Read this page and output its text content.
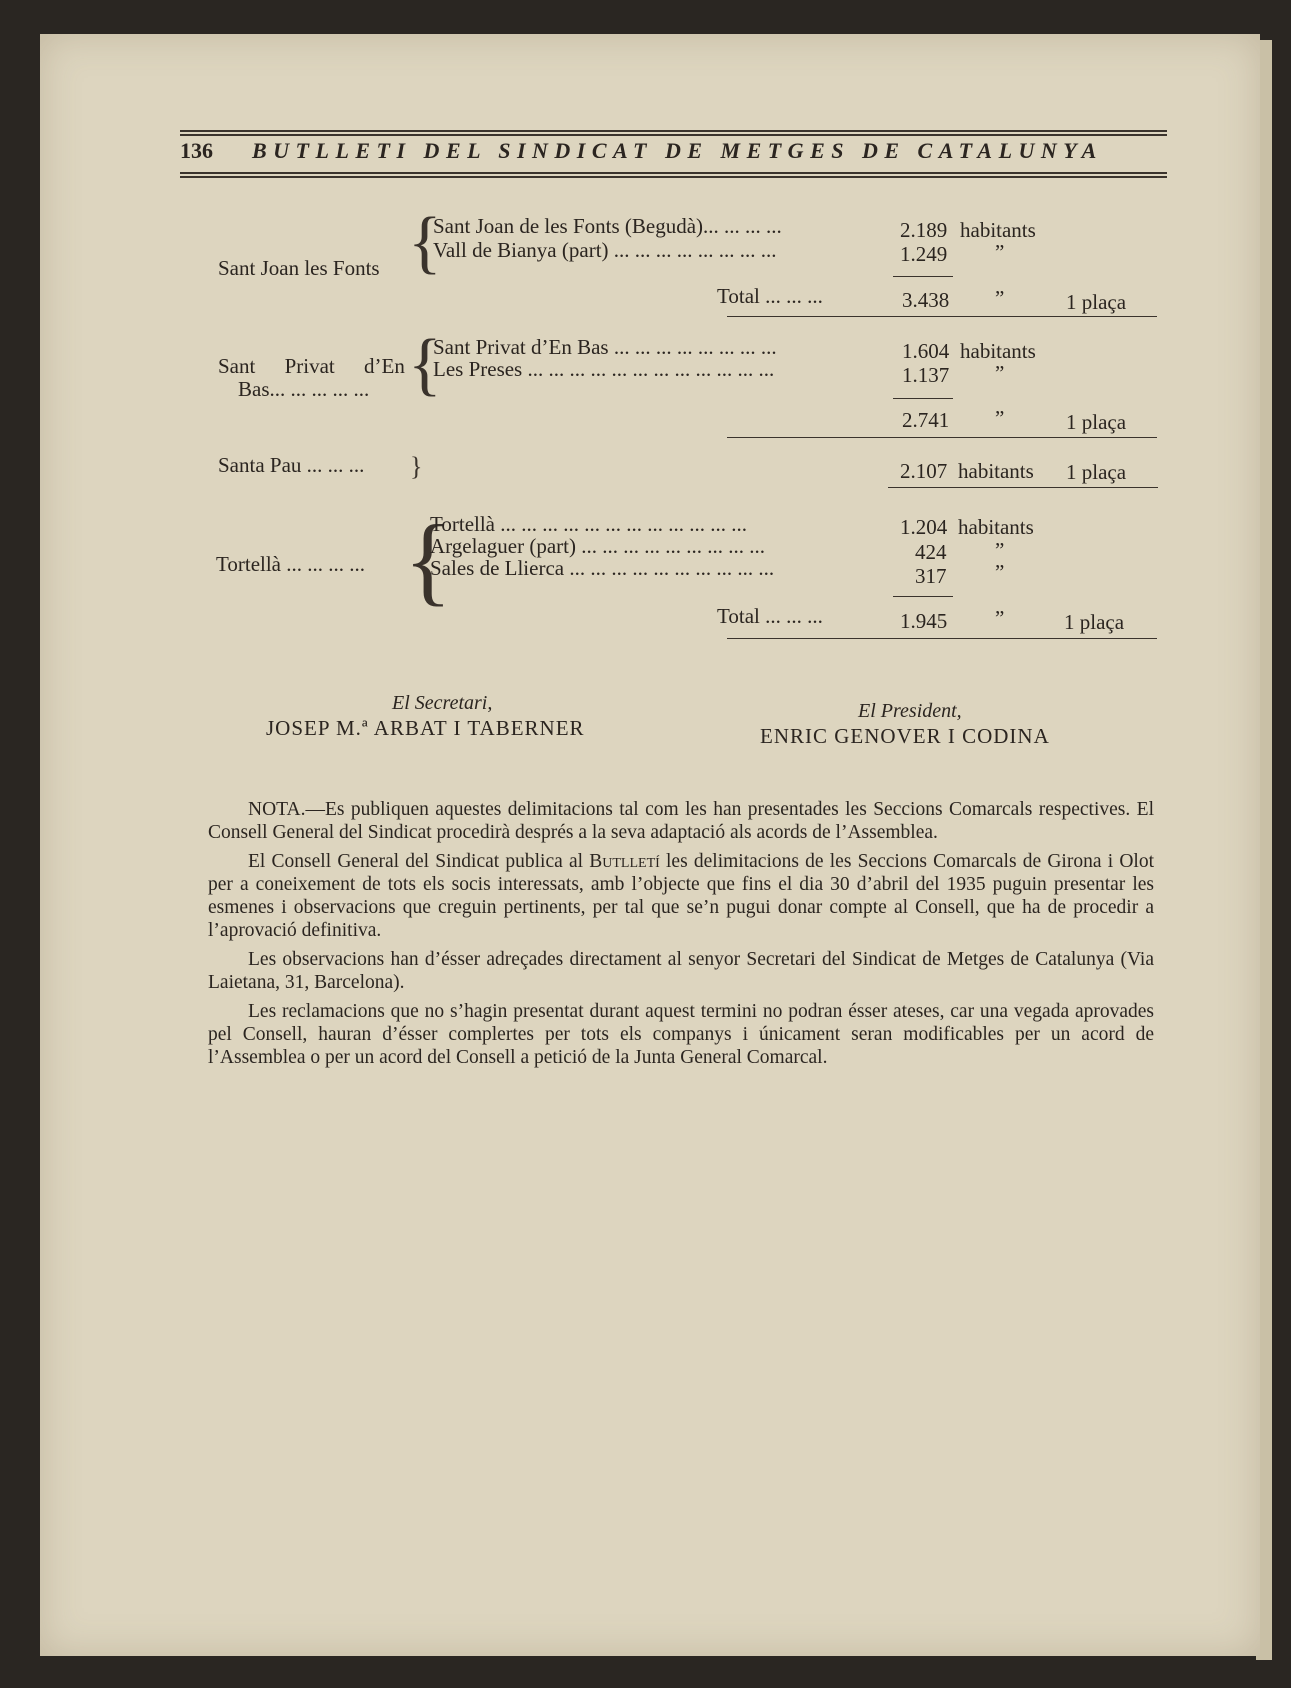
136 BUTLLETI DEL SINDICAT DE METGES DE CATALUNYA
Sant Joan les Fonts {
Sant Joan de les Fonts (Begudà)... ... ... ...	2.189 habitants
Vall de Bianya (part) ... ... ... ... ... ... ... ...	1.249 ”
Total ... ... ...	3.438 ”	1 plaça
Sant Privat d’En
Bas... ... ... ... ... {
Sant Privat d’En Bas ... ... ... ... ... ... ... ...	1.604 habitants
Les Preses ... ... ... ... ... ... ... ... ... ... ... ...	1.137 ”
2.741 ”	1 plaça
Santa Pau ... ... ... }	2.107 habitants 1 plaça
Tortellà ... ... ... ... {
Tortellà ... ... ... ... ... ... ... ... ... ... ... ...	1.204 habitants
Argelaguer (part) ... ... ... ... ... ... ... ... ...	424 ”
Sales de Llierca ... ... ... ... ... ... ... ... ... ...	317 ”
Total ... ... ...	1.945 ”	1 plaça
El Secretari,
JOSEP M.ª ARBAT I TABERNER
El President,
ENRIC GENOVER I CODINA

NOTA.—Es publiquen aquestes delimitacions tal com les han presentades les Seccions Comarcals respectives. El Consell General del Sindicat procedirà després a la seva adaptació als acords de l’Assemblea.

El Consell General del Sindicat publica al Butlletí les delimitacions de les Seccions Comarcals de Girona i Olot per a coneixement de tots els socis interessats, amb l’objecte que fins el dia 30 d’abril del 1935 puguin presentar les esmenes i observacions que creguin pertinents, per tal que se’n pugui donar compte al Consell, que ha de procedir a l’aprovació definitiva.

Les observacions han d’ésser adreçades directament al senyor Secretari del Sindicat de Metges de Catalunya (Via Laietana, 31, Barcelona).

Les reclamacions que no s’hagin presentat durant aquest termini no podran ésser ateses, car una vegada aprovades pel Consell, hauran d’ésser complertes per tots els companys i únicament seran modificables per un acord de l’Assemblea o per un acord del Consell a petició de la Junta General Comarcal.
